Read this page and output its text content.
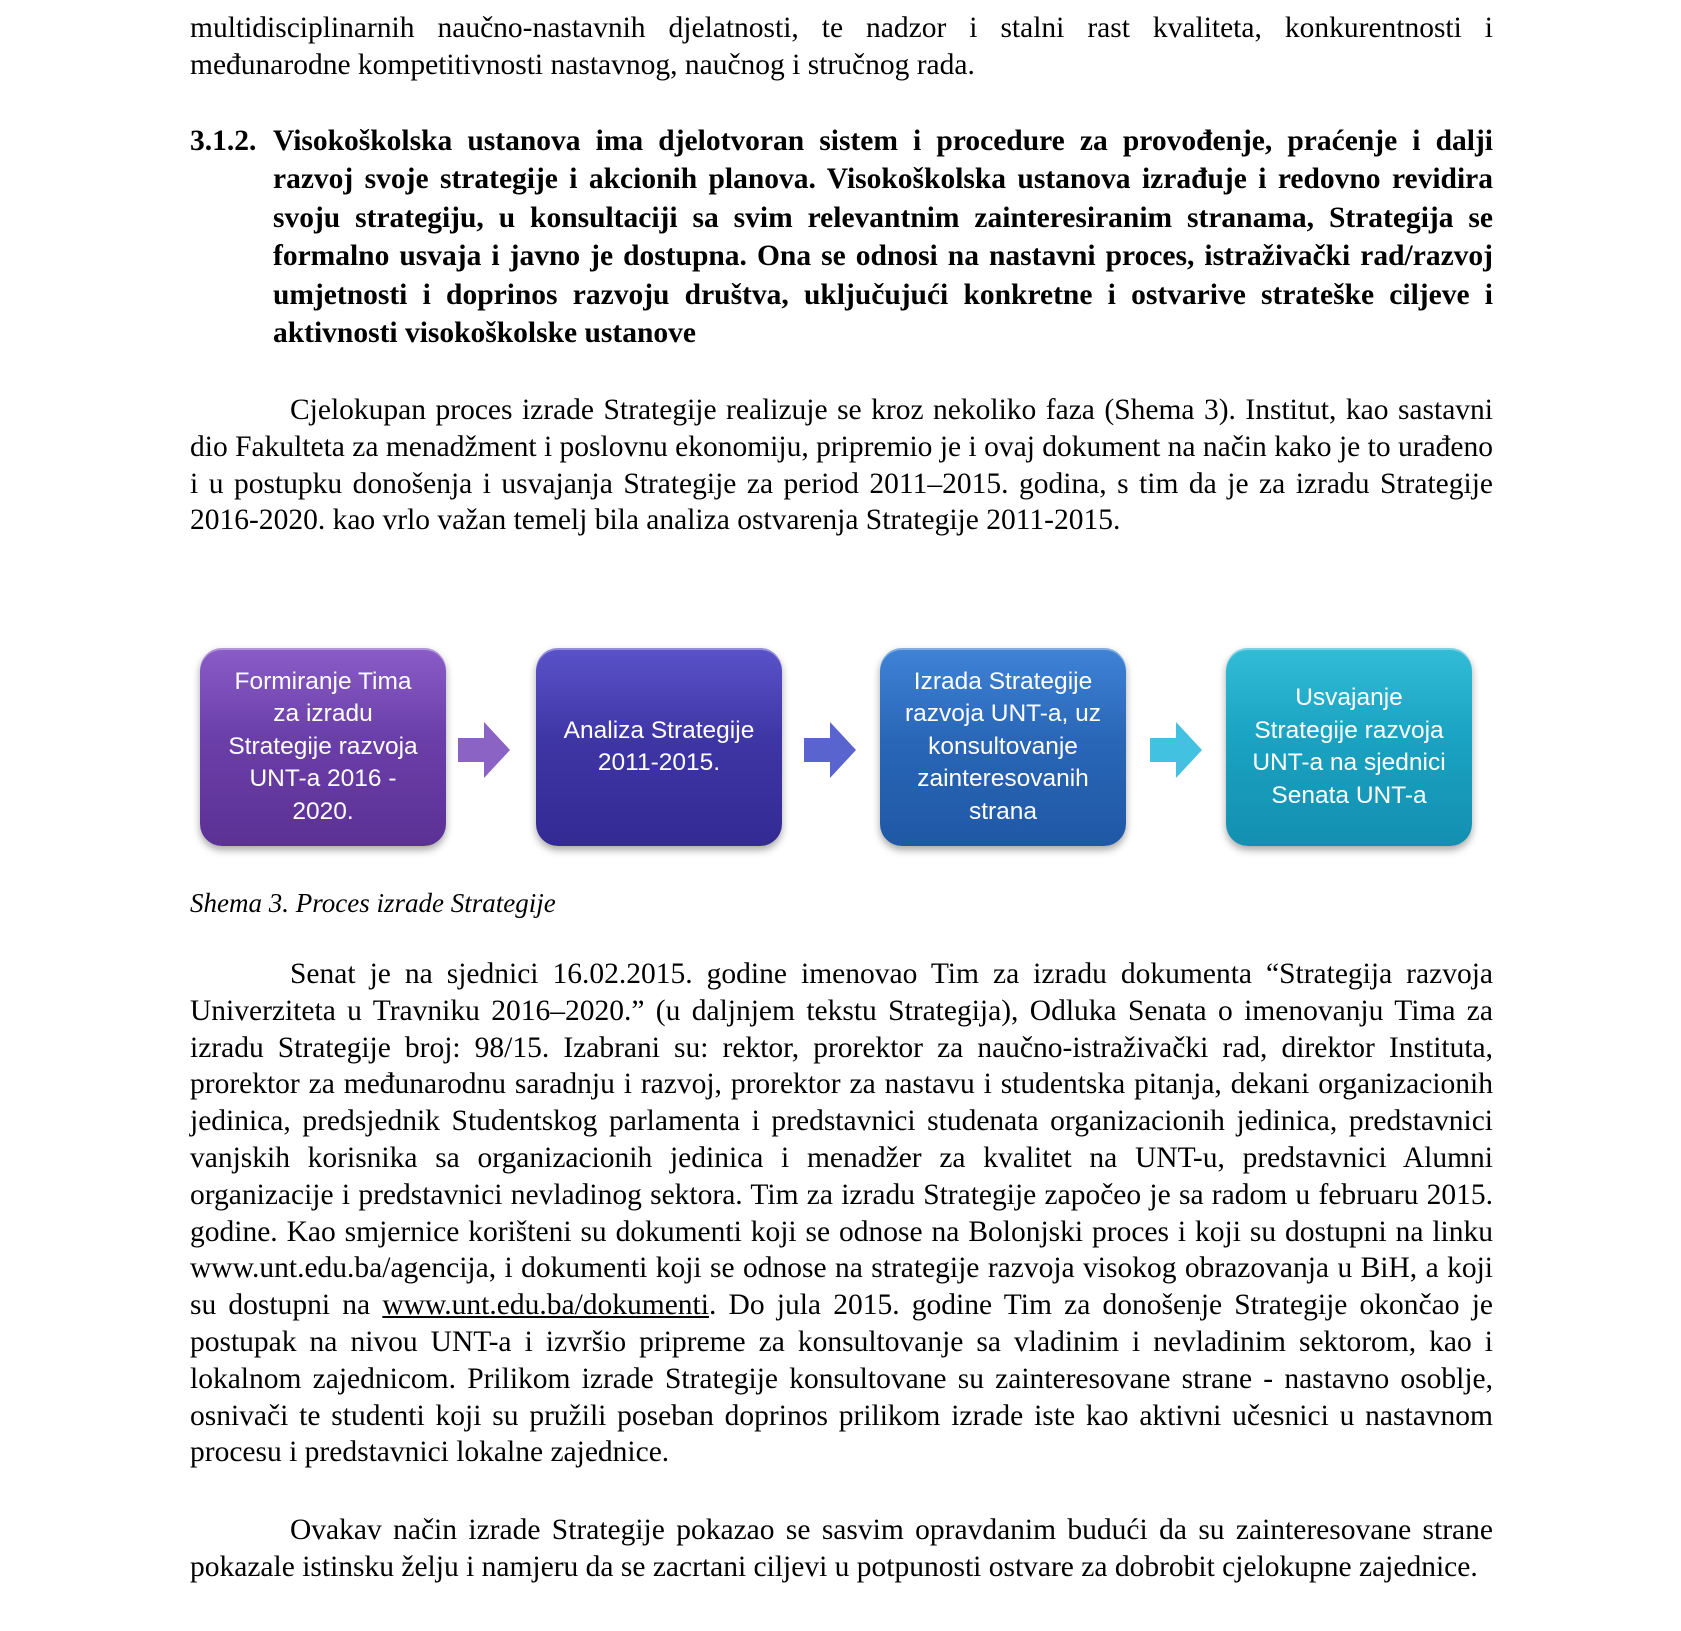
multidisciplinarnih naučno-nastavnih djelatnosti, te nadzor i stalni rast kvaliteta, konkurentnosti i međunarodne kompetitivnosti nastavnog, naučnog i stručnog rada.

3.1.2. Visokoškolska ustanova ima djelotvoran sistem i procedure za provođenje, praćenje i dalji razvoj svoje strategije i akcionih planova. Visokoškolska ustanova izrađuje i redovno revidira svoju strategiju, u konsultaciji sa svim relevantnim zainteresiranim stranama, Strategija se formalno usvaja i javno je dostupna. Ona se odnosi na nastavni proces, istraživački rad/razvoj umjetnosti i doprinos razvoju društva, uključujući konkretne i ostvarive strateške ciljeve i aktivnosti visokoškolske ustanove

Cjelokupan proces izrade Strategije realizuje se kroz nekoliko faza (Shema 3). Institut, kao sastavni dio Fakulteta za menadžment i poslovnu ekonomiju, pripremio je i ovaj dokument na način kako je to urađeno i u postupku donošenja i usvajanja Strategije za period 2011–2015. godina, s tim da je za izradu Strategije 2016-2020. kao vrlo važan temelj bila analiza ostvarenja Strategije 2011-2015.

Formiranje Tima
za izradu
Strategije razvoja
UNT-a 2016 -
2020.
Analiza Strategije
2011-2015.
Izrada Strategije
razvoja UNT-a, uz
konsultovanje
zainteresovanih
strana
Usvajanje
Strategije razvoja
UNT-a na sjednici
Senata UNT-a
Shema 3. Proces izrade Strategije

Senat je na sjednici 16.02.2015. godine imenovao Tim za izradu dokumenta “Strategija razvoja Univerziteta u Travniku 2016–2020.” (u daljnjem tekstu Strategija), Odluka Senata o imenovanju Tima za izradu Strategije broj: 98/15. Izabrani su: rektor, prorektor za naučno-istraživački rad, direktor Instituta, prorektor za međunarodnu saradnju i razvoj, prorektor za nastavu i studentska pitanja, dekani organizacionih jedinica, predsjednik Studentskog parlamenta i predstavnici studenata organizacionih jedinica, predstavnici vanjskih korisnika sa organizacionih jedinica i menadžer za kvalitet na UNT-u, predstavnici Alumni organizacije i predstavnici nevladinog sektora. Tim za izradu Strategije započeo je sa radom u februaru 2015. godine. Kao smjernice korišteni su dokumenti koji se odnose na Bolonjski proces i koji su dostupni na linku www.unt.edu.ba/agencija, i dokumenti koji se odnose na strategije razvoja visokog obrazovanja u BiH, a koji su dostupni na www.unt.edu.ba/dokumenti. Do jula 2015. godine Tim za donošenje Strategije okončao je postupak na nivou UNT-a i izvršio pripreme za konsultovanje sa vladinim i nevladinim sektorom, kao i lokalnom zajednicom. Prilikom izrade Strategije konsultovane su zainteresovane strane - nastavno osoblje, osnivači te studenti koji su pružili poseban doprinos prilikom izrade iste kao aktivni učesnici u nastavnom procesu i predstavnici lokalne zajednice.

Ovakav način izrade Strategije pokazao se sasvim opravdanim budući da su zainteresovane strane pokazale istinsku želju i namjeru da se zacrtani ciljevi u potpunosti ostvare za dobrobit cjelokupne zajednice.
